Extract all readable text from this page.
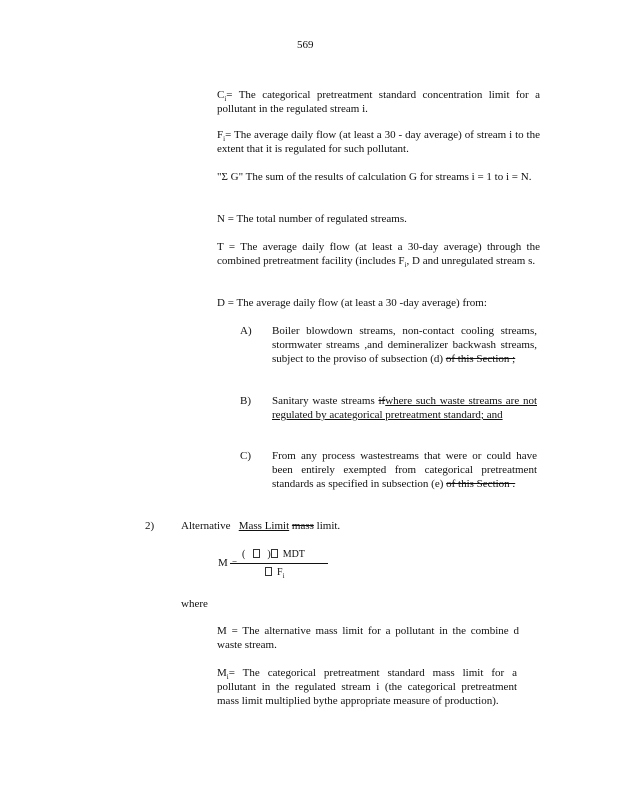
569
$C_i=$ The categorical pretreatment standard concentration limit for a pollutant in the regulated stream i.
$F_i=$ The average daily flow (at least a 30 - day average) of stream i to the extent that it is regulated for such pollutant.
"Σ G" The sum of the results of calculation G for streams i = 1 to i = N.
N = The total number of regulated streams.
T = The average daily flow (at least a 30-day average) through the combined pretreatment facility (includes $F_i$, D and unregulated stream s.
D = The average daily flow (at least a 30 -day average) from:
A) Boiler blowdown streams, non-contact cooling streams, stormwater streams ,and demineralizer backwash streams, subject to the proviso of subsection (d) of this Section ;
B) Sanitary waste streams ifwhere such waste streams are not regulated by acategorical pretreatment standard; and
C) From any process wastestreams that were or could have been entirely exempted from categorical pretreatment standards as specified in subsection (e) of this Section .
2) Alternative Mass Limit mass limit.
M =
( ) MDT
$F_i$
where
M = The alternative mass limit for a pollutant in the combine d waste stream.
$M_i=$ The categorical pretreatment standard mass limit for a pollutant in the regulated stream i (the categorical pretreatment mass limit multiplied bythe appropriate measure of production).
